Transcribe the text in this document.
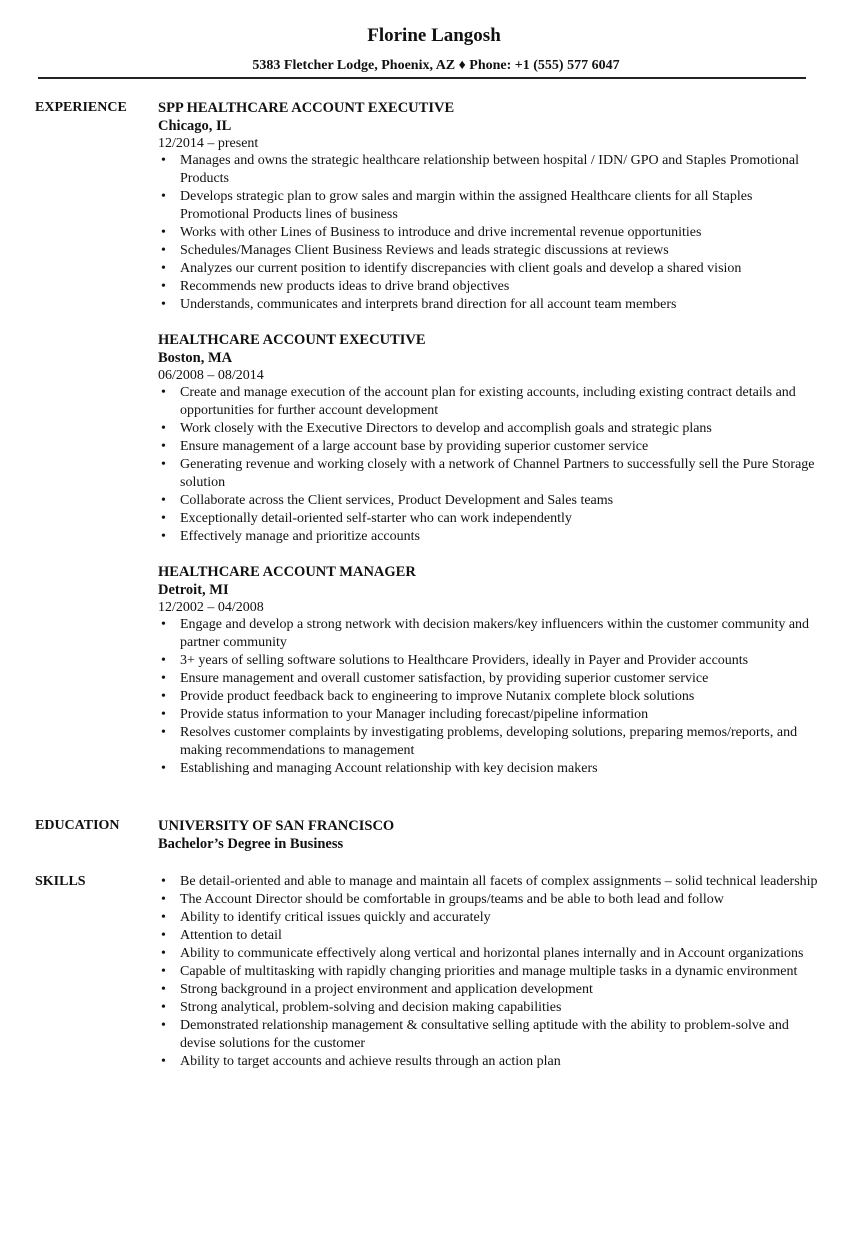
Florine Langosh
5383 Fletcher Lodge, Phoenix, AZ ♦ Phone: +1 (555) 577 6047
EXPERIENCE SPP HEALTHCARE ACCOUNT EXECUTIVE
Chicago, IL
12/2014 – present
• Manages and owns the strategic healthcare relationship between hospital / IDN/ GPO and Staples Promotional Products
• Develops strategic plan to grow sales and margin within the assigned Healthcare clients for all Staples Promotional Products lines of business
• Works with other Lines of Business to introduce and drive incremental revenue opportunities
• Schedules/Manages Client Business Reviews and leads strategic discussions at reviews
• Analyzes our current position to identify discrepancies with client goals and develop a shared vision
• Recommends new products ideas to drive brand objectives
• Understands, communicates and interprets brand direction for all account team members
HEALTHCARE ACCOUNT EXECUTIVE
Boston, MA
06/2008 – 08/2014
• Create and manage execution of the account plan for existing accounts, including existing contract details and opportunities for further account development
• Work closely with the Executive Directors to develop and accomplish goals and strategic plans
• Ensure management of a large account base by providing superior customer service
• Generating revenue and working closely with a network of Channel Partners to successfully sell the Pure Storage solution
• Collaborate across the Client services, Product Development and Sales teams
• Exceptionally detail-oriented self-starter who can work independently
• Effectively manage and prioritize accounts
HEALTHCARE ACCOUNT MANAGER
Detroit, MI
12/2002 – 04/2008
• Engage and develop a strong network with decision makers/key influencers within the customer community and partner community
• 3+ years of selling software solutions to Healthcare Providers, ideally in Payer and Provider accounts
• Ensure management and overall customer satisfaction, by providing superior customer service
• Provide product feedback back to engineering to improve Nutanix complete block solutions
• Provide status information to your Manager including forecast/pipeline information
• Resolves customer complaints by investigating problems, developing solutions, preparing memos/reports, and making recommendations to management
• Establishing and managing Account relationship with key decision makers
EDUCATION	UNIVERSITY OF SAN FRANCISCO
Bachelor’s Degree in Business
SKILLS	• Be detail-oriented and able to manage and maintain all facets of complex assignments – solid technical leadership
• The Account Director should be comfortable in groups/teams and be able to both lead and follow
• Ability to identify critical issues quickly and accurately
• Attention to detail
• Ability to communicate effectively along vertical and horizontal planes internally and in Account organizations
• Capable of multitasking with rapidly changing priorities and manage multiple tasks in a dynamic environment
• Strong background in a project environment and application development
• Strong analytical, problem-solving and decision making capabilities
• Demonstrated relationship management & consultative selling aptitude with the ability to problem-solve and devise solutions for the customer
• Ability to target accounts and achieve results through an action plan
